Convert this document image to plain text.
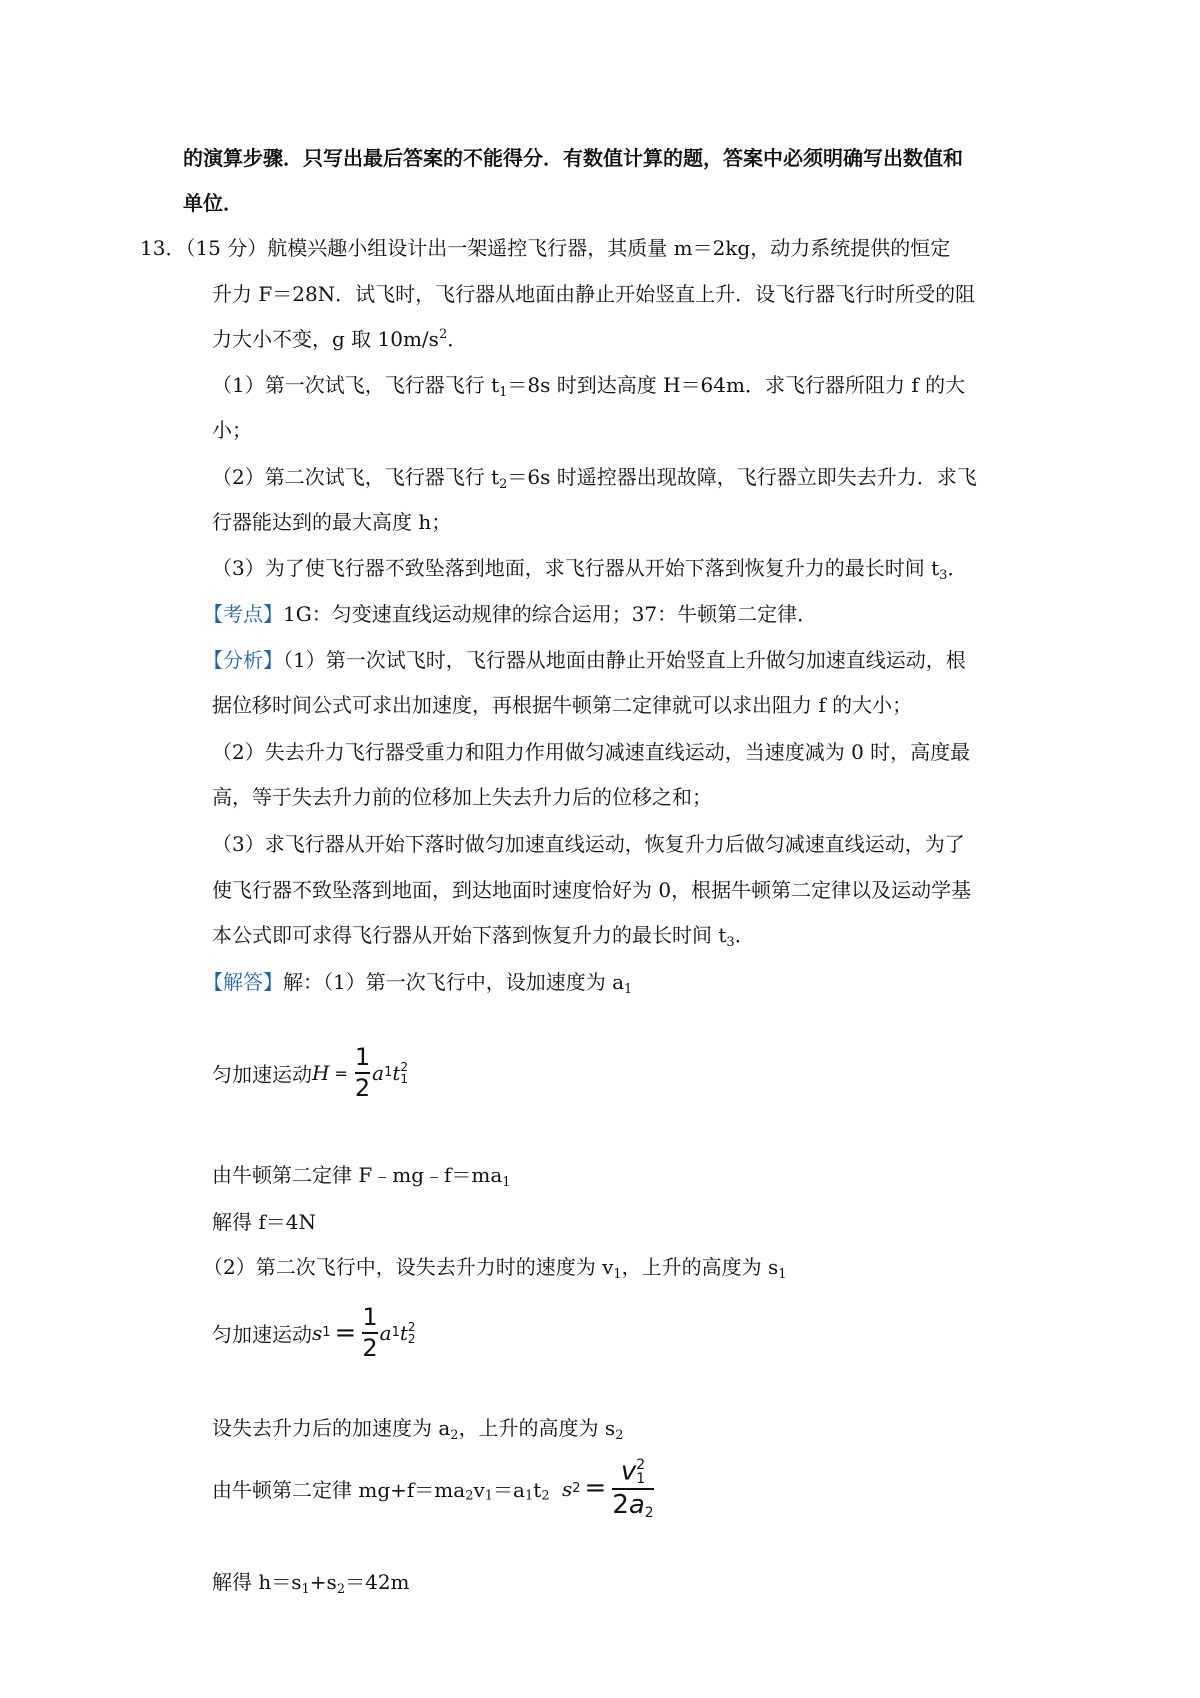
的演算步骤．只写出最后答案的不能得分．有数值计算的题，答案中必须明确写出数值和
单位．
13．（15 分）航模兴趣小组设计出一架遥控飞行器，其质量 m＝2kg，动力系统提供的恒定
升力 F＝28N．试飞时，飞行器从地面由静止开始竖直上升．设飞行器飞行时所受的阻
力大小不变，g 取 $10m/s^2$．
（1）第一次试飞，飞行器飞行 $t_1=8s$ 时到达高度 H＝64m．求飞行器所阻力 f 的大
小；
（2）第二次试飞，飞行器飞行 $t_2=6s$ 时遥控器出现故障，飞行器立即失去升力．求飞
行器能达到的最大高度 h；
（3）为了使飞行器不致坠落到地面，求飞行器从开始下落到恢复升力的最长时间 $t_3$．
【考点】1G：匀变速直线运动规律的综合运用；37：牛顿第二定律．
【分析】（1）第一次试飞时，飞行器从地面由静止开始竖直上升做匀加速直线运动，根
据位移时间公式可求出加速度，再根据牛顿第二定律就可以求出阻力 f 的大小；
（2）失去升力飞行器受重力和阻力作用做匀减速直线运动，当速度减为 0 时，高度最
高，等于失去升力前的位移加上失去升力后的位移之和；
（3）求飞行器从开始下落时做匀加速直线运动，恢复升力后做匀减速直线运动，为了
使飞行器不致坠落到地面，到达地面时速度恰好为 0，根据牛顿第二定律以及运动学基
本公式即可求得飞行器从开始下落到恢复升力的最长时间 $t_3$．
【解答】解：（1）第一次飞行中，设加速度为 $a_1$
匀加速运动 $H = \frac{1}{2}$ a 1 t 2
1
由牛顿第二定律 $F﹣mg﹣f=ma_1$
解得 f＝4N
（2）第二次飞行中，设失去升力时的速度为 $v_1$，上升的高度为 $s_1$
匀加速运动 s $1 = \frac{1}{2}$ a 1 t 2
2
设失去升力后的加速度为 $a_2$，上升的高度为 $s_2$
由牛顿第二定律 $mg+f=ma_2v_1=a_1t_2$ s 2 = v 2
1
$2a_2$
解得 $h=s_1+s_2=42m$
